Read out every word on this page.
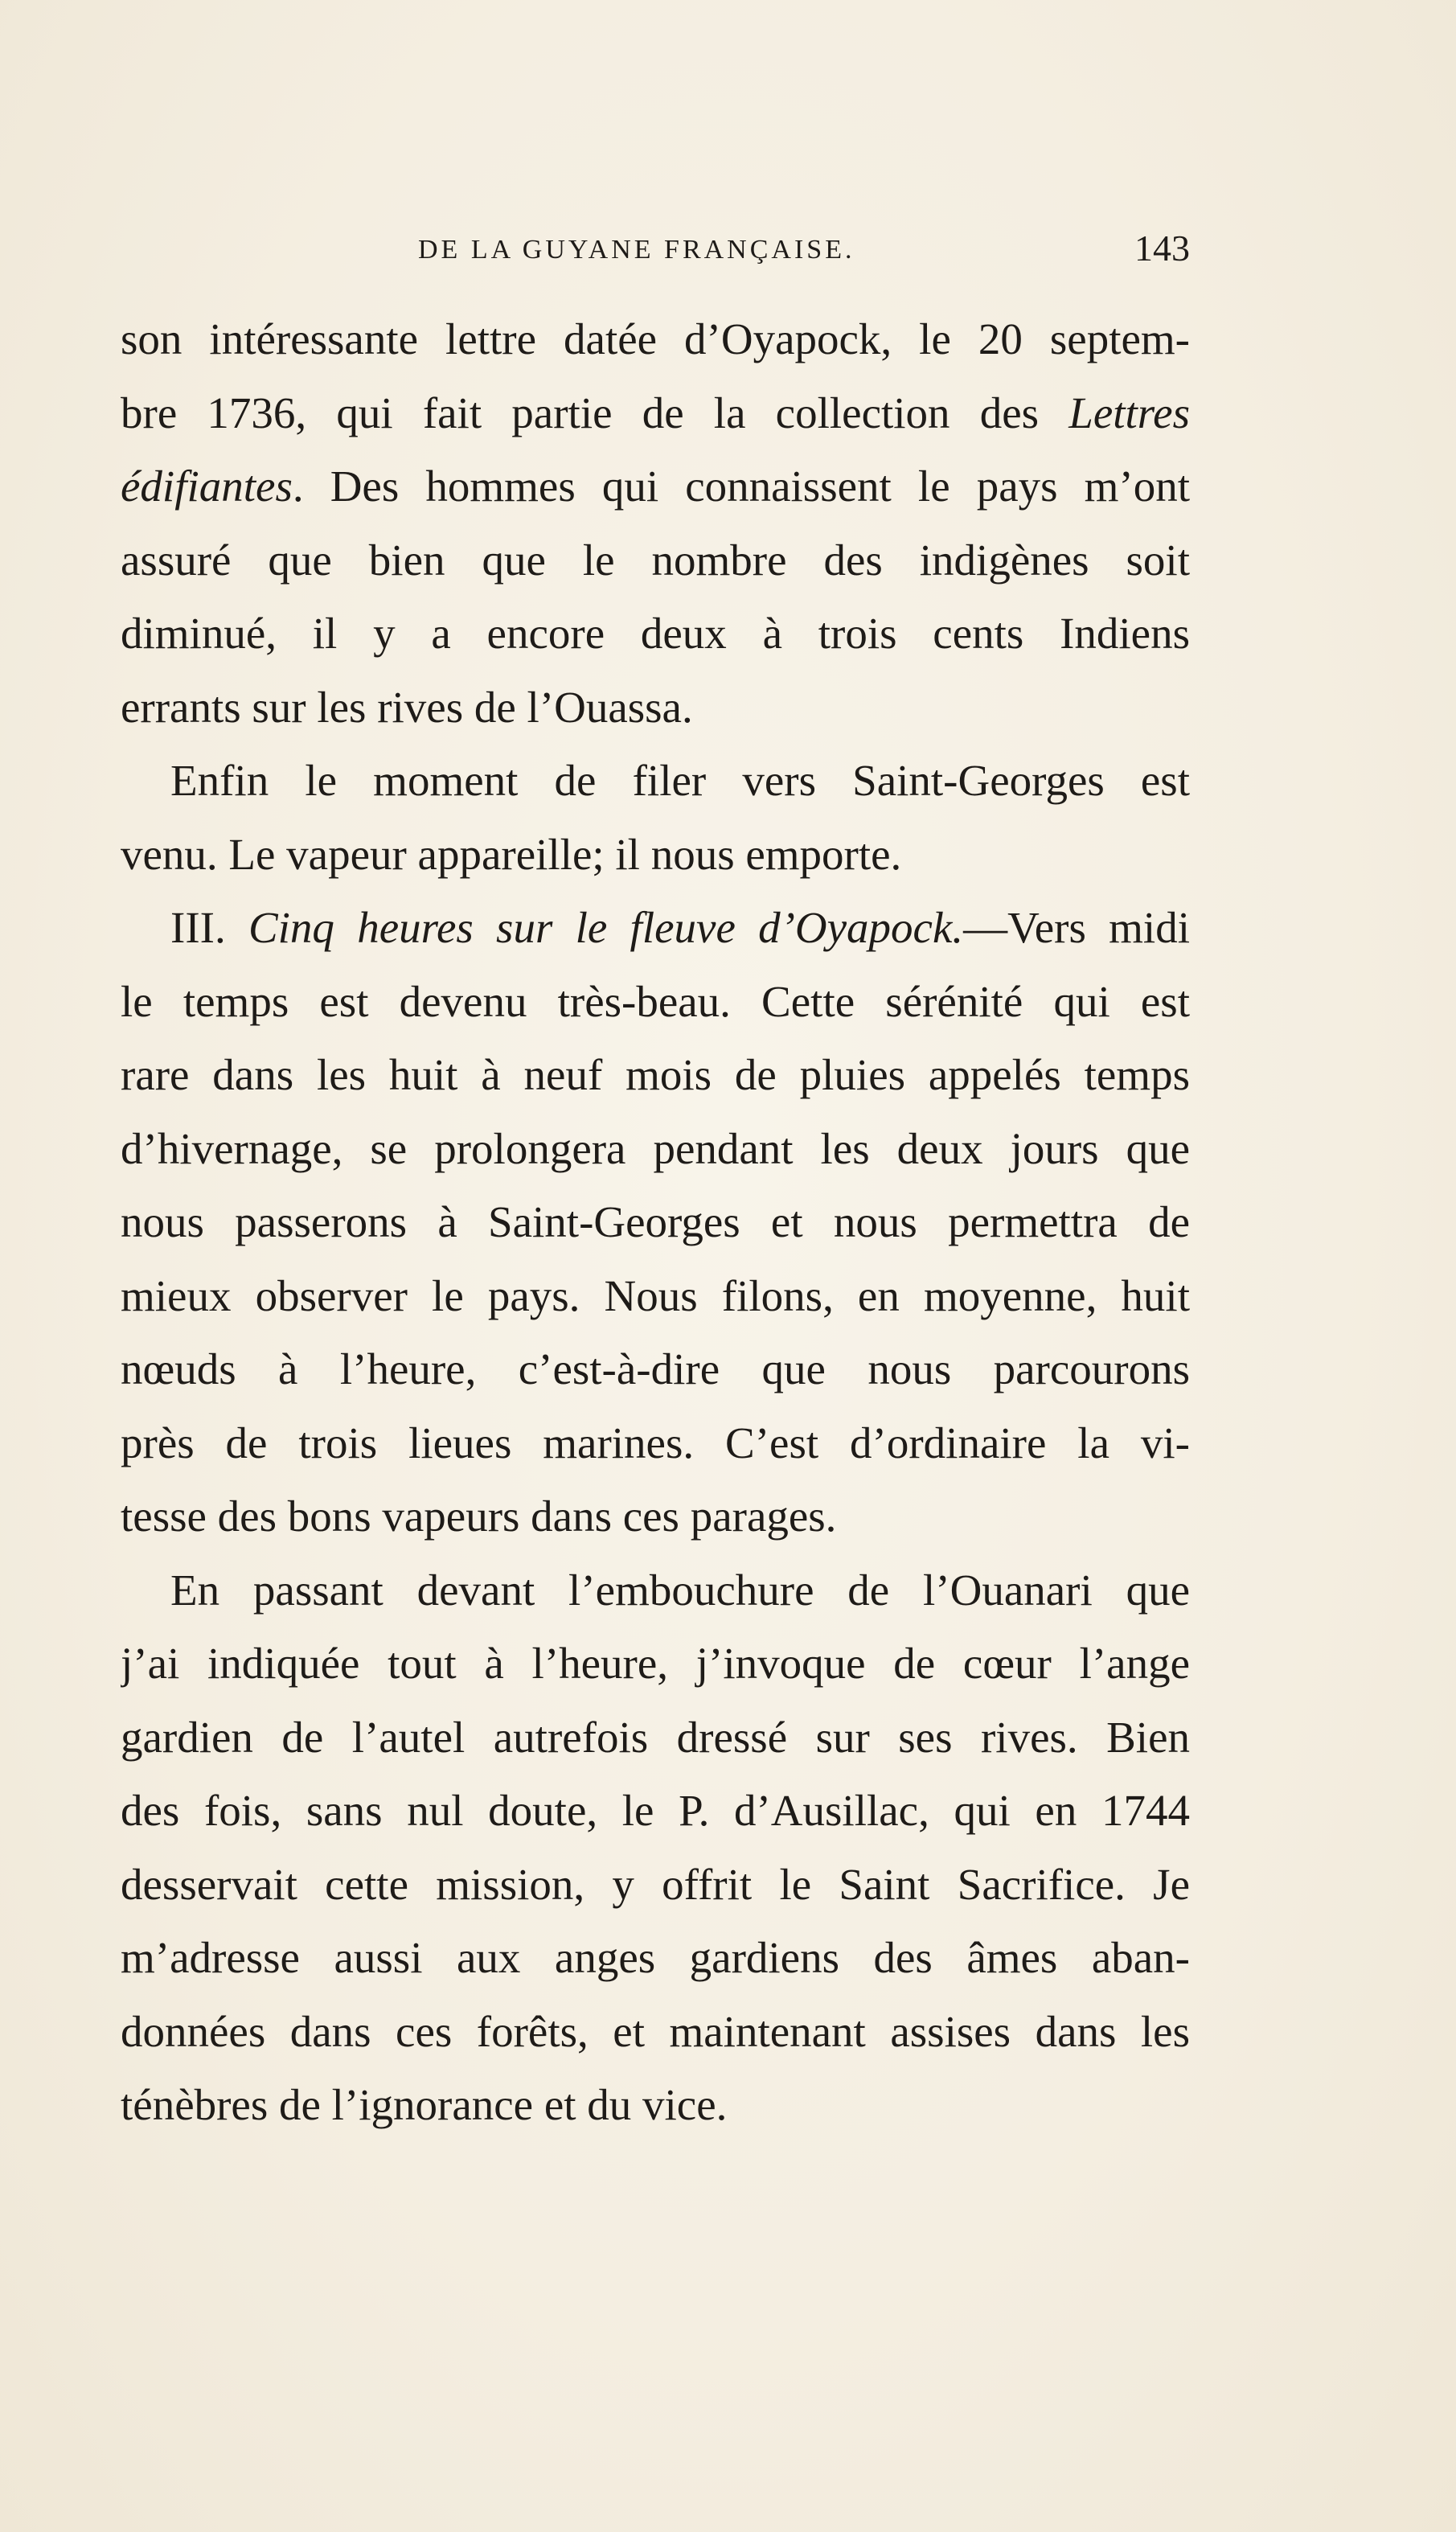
DE LA GUYANE FRANÇAISE.	143
son intéressante lettre datée d’Oyapock, le 20 septem-
bre 1736, qui fait partie de la collection des Lettres
édifiantes. Des hommes qui connaissent le pays m’ont
assuré que bien que le nombre des indigènes soit
diminué, il y a encore deux à trois cents Indiens
errants sur les rives de l’Ouassa.
Enfin le moment de filer vers Saint-Georges est
venu. Le vapeur appareille; il nous emporte.
III. Cinq heures sur le fleuve d’Oyapock.—Vers midi
le temps est devenu très-beau. Cette sérénité qui est
rare dans les huit à neuf mois de pluies appelés temps
d’hivernage, se prolongera pendant les deux jours que
nous passerons à Saint-Georges et nous permettra de
mieux observer le pays. Nous filons, en moyenne, huit
nœuds à l’heure, c’est-à-dire que nous parcourons
près de trois lieues marines. C’est d’ordinaire la vi-
tesse des bons vapeurs dans ces parages.
En passant devant l’embouchure de l’Ouanari que
j’ai indiquée tout à l’heure, j’invoque de cœur l’ange
gardien de l’autel autrefois dressé sur ses rives. Bien
des fois, sans nul doute, le P. d’Ausillac, qui en 1744
desservait cette mission, y offrit le Saint Sacrifice. Je
m’adresse aussi aux anges gardiens des âmes aban-
données dans ces forêts, et maintenant assises dans les
ténèbres de l’ignorance et du vice.
